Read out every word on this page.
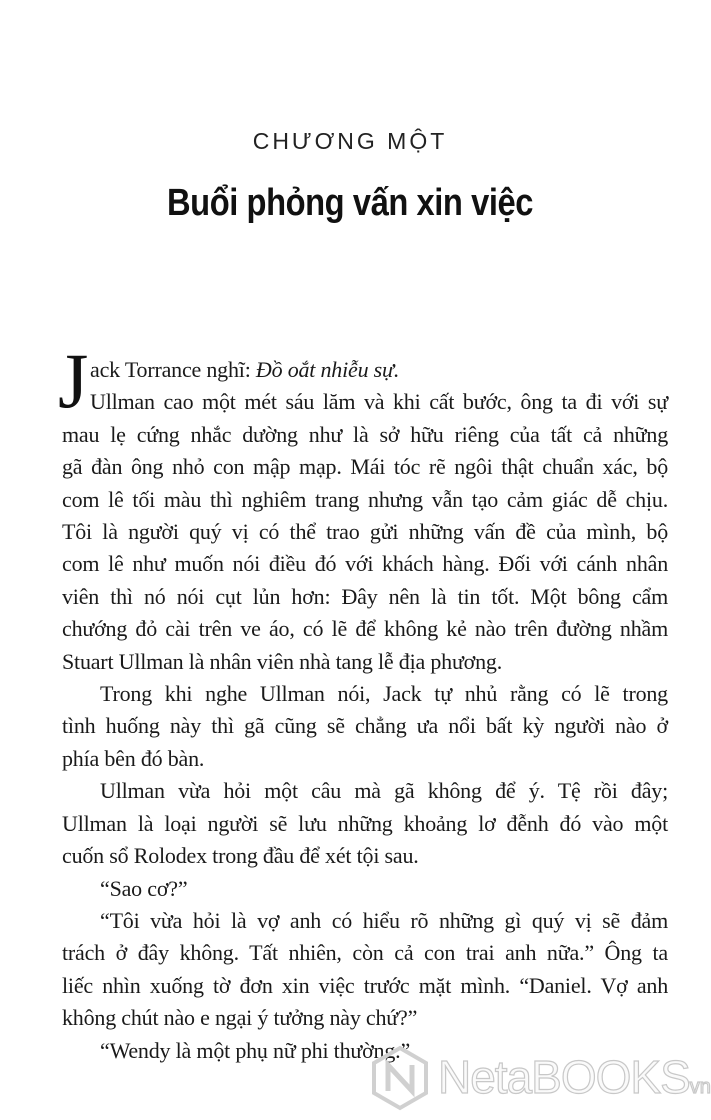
CHƯƠNG MỘT
Buổi phỏng vấn xin việc
J ack Torrance nghĩ: Đồ oắt nhiễu sự.
Ullman cao một mét sáu lăm và khi cất bước, ông ta đi với sự
mau lẹ cứng nhắc dường như là sở hữu riêng của tất cả những
gã đàn ông nhỏ con mập mạp. Mái tóc rẽ ngôi thật chuẩn xác, bộ
com lê tối màu thì nghiêm trang nhưng vẫn tạo cảm giác dễ chịu.
Tôi là người quý vị có thể trao gửi những vấn đề của mình, bộ
com lê như muốn nói điều đó với khách hàng. Đối với cánh nhân
viên thì nó nói cụt lủn hơn: Đây nên là tin tốt. Một bông cẩm
chướng đỏ cài trên ve áo, có lẽ để không kẻ nào trên đường nhầm
Stuart Ullman là nhân viên nhà tang lễ địa phương.
Trong khi nghe Ullman nói, Jack tự nhủ rằng có lẽ trong
tình huống này thì gã cũng sẽ chẳng ưa nổi bất kỳ người nào ở
phía bên đó bàn.
Ullman vừa hỏi một câu mà gã không để ý. Tệ rồi đây;
Ullman là loại người sẽ lưu những khoảng lơ đễnh đó vào một
cuốn sổ Rolodex trong đầu để xét tội sau.
“Sao cơ?”
“Tôi vừa hỏi là vợ anh có hiểu rõ những gì quý vị sẽ đảm
trách ở đây không. Tất nhiên, còn cả con trai anh nữa.” Ông ta
liếc nhìn xuống tờ đơn xin việc trước mặt mình. “Daniel. Vợ anh
không chút nào e ngại ý tưởng này chứ?”
“Wendy là một phụ nữ phi thường.”
NetaBOOKSvn
